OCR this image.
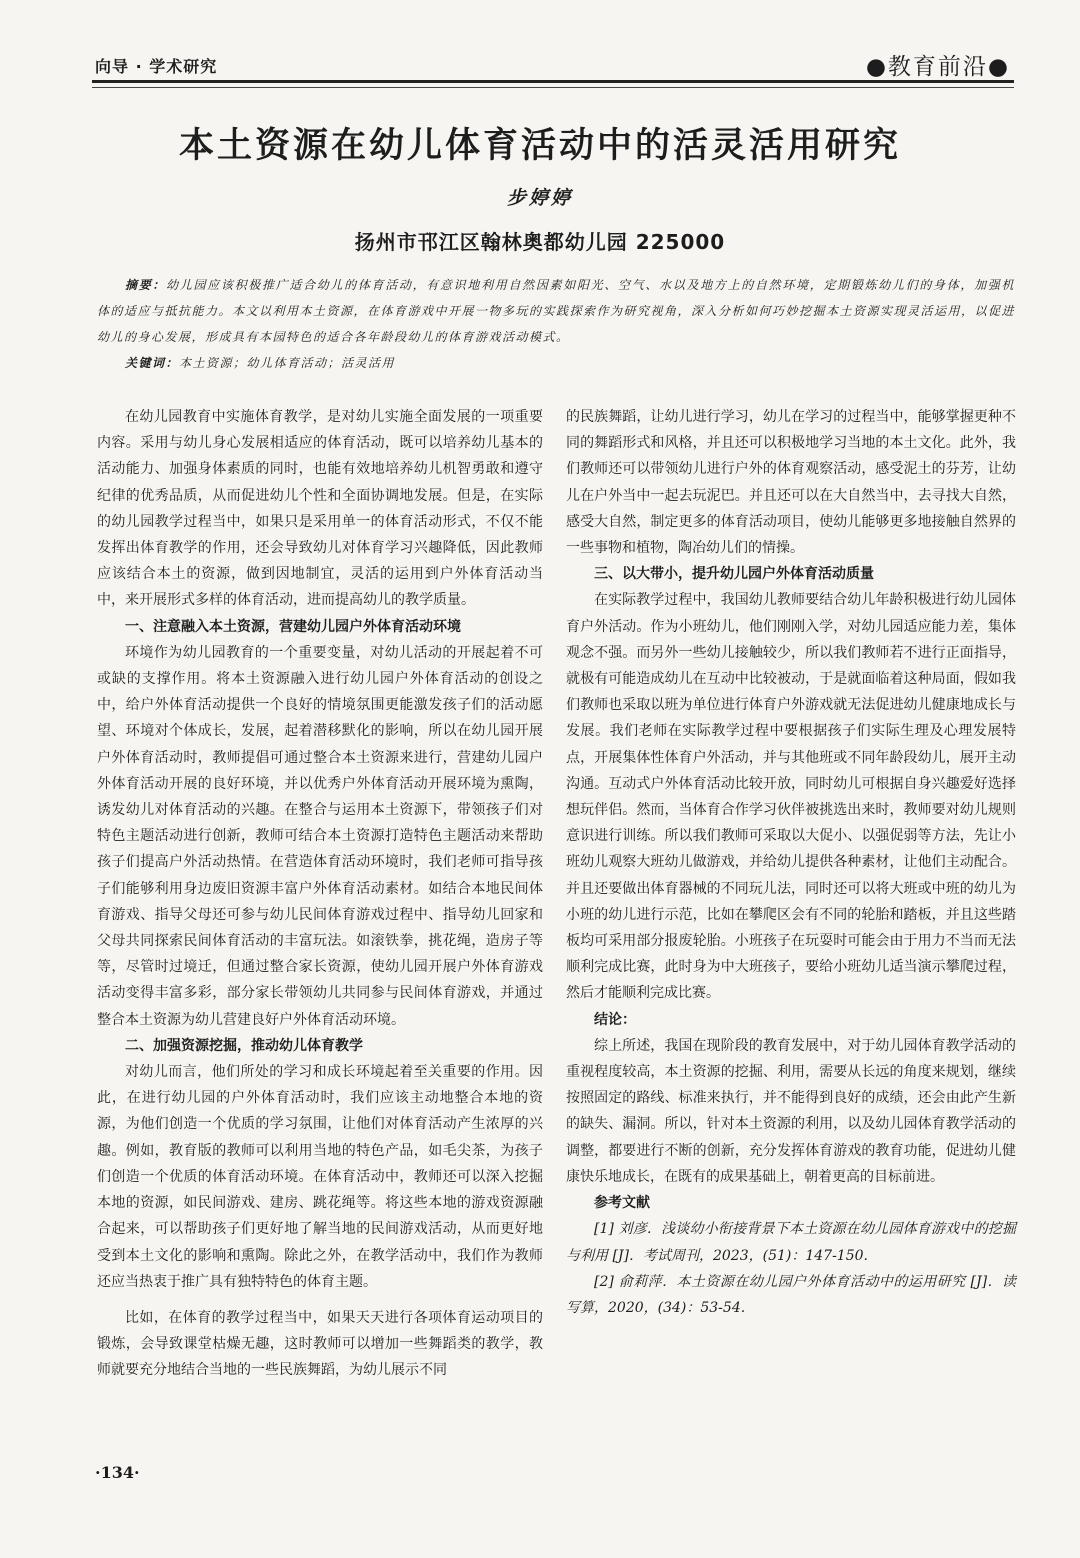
向导 · 学术研究	●教育前沿●
本土资源在幼儿体育活动中的活灵活用研究
步婷婷
扬州市邗江区翰林奥都幼儿园 225000
摘要：幼儿园应该积极推广适合幼儿的体育活动，有意识地利用自然因素如阳光、空气、水以及地方上的自然环境，定期锻炼幼儿们的身体，加强机体的适应与抵抗能力。本文以利用本土资源，在体育游戏中开展一物多玩的实践探索作为研究视角，深入分析如何巧妙挖掘本土资源实现灵活运用，以促进幼儿的身心发展，形成具有本园特色的适合各年龄段幼儿的体育游戏活动模式。
关键词：本土资源；幼儿体育活动；活灵活用

在幼儿园教育中实施体育教学，是对幼儿实施全面发展的一项重要内容。采用与幼儿身心发展相适应的体育活动，既可以培养幼儿基本的活动能力、加强身体素质的同时，也能有效地培养幼儿机智勇敢和遵守纪律的优秀品质，从而促进幼儿个性和全面协调地发展。但是，在实际的幼儿园教学过程当中，如果只是采用单一的体育活动形式，不仅不能发挥出体育教学的作用，还会导致幼儿对体育学习兴趣降低，因此教师应该结合本土的资源，做到因地制宜，灵活的运用到户外体育活动当中，来开展形式多样的体育活动，进而提高幼儿的教学质量。

一、注意融入本土资源，营建幼儿园户外体育活动环境

环境作为幼儿园教育的一个重要变量，对幼儿活动的开展起着不可或缺的支撑作用。将本土资源融入进行幼儿园户外体育活动的创设之中，给户外体育活动提供一个良好的情境氛围更能激发孩子们的活动愿望、环境对个体成长，发展，起着潜移默化的影响，所以在幼儿园开展户外体育活动时，教师提倡可通过整合本土资源来进行，营建幼儿园户外体育活动开展的良好环境，并以优秀户外体育活动开展环境为熏陶，诱发幼儿对体育活动的兴趣。在整合与运用本土资源下，带领孩子们对特色主题活动进行创新，教师可结合本土资源打造特色主题活动来帮助孩子们提高户外活动热情。在营造体育活动环境时，我们老师可指导孩子们能够利用身边废旧资源丰富户外体育活动素材。如结合本地民间体育游戏、指导父母还可参与幼儿民间体育游戏过程中、指导幼儿回家和父母共同探索民间体育活动的丰富玩法。如滚铁拳，挑花绳，造房子等等，尽管时过境迁，但通过整合家长资源，使幼儿园开展户外体育游戏活动变得丰富多彩，部分家长带领幼儿共同参与民间体育游戏，并通过整合本土资源为幼儿营建良好户外体育活动环境。

二、加强资源挖掘，推动幼儿体育教学

对幼儿而言，他们所处的学习和成长环境起着至关重要的作用。因此，在进行幼儿园的户外体育活动时，我们应该主动地整合本地的资源，为他们创造一个优质的学习氛围，让他们对体育活动产生浓厚的兴趣。例如，教育版的教师可以利用当地的特色产品，如毛尖茶，为孩子们创造一个优质的体育活动环境。在体育活动中，教师还可以深入挖掘本地的资源，如民间游戏、建房、跳花绳等。将这些本地的游戏资源融合起来，可以帮助孩子们更好地了解当地的民间游戏活动，从而更好地受到本土文化的影响和熏陶。除此之外，在教学活动中，我们作为教师还应当热衷于推广具有独特特色的体育主题。

比如，在体育的教学过程当中，如果天天进行各项体育运动项目的锻炼，会导致课堂枯燥无趣，这时教师可以增加一些舞蹈类的教学，教师就要充分地结合当地的一些民族舞蹈，为幼儿展示不同

的民族舞蹈，让幼儿进行学习，幼儿在学习的过程当中，能够掌握更种不同的舞蹈形式和风格，并且还可以积极地学习当地的本土文化。此外，我们教师还可以带领幼儿进行户外的体育观察活动，感受泥土的芬芳，让幼儿在户外当中一起去玩泥巴。并且还可以在大自然当中，去寻找大自然，感受大自然，制定更多的体育活动项目，使幼儿能够更多地接触自然界的一些事物和植物，陶冶幼儿们的情操。

三、以大带小，提升幼儿园户外体育活动质量

在实际教学过程中，我国幼儿教师要结合幼儿年龄积极进行幼儿园体育户外活动。作为小班幼儿，他们刚刚入学，对幼儿园适应能力差，集体观念不强。而另外一些幼儿接触较少，所以我们教师若不进行正面指导，就极有可能造成幼儿在互动中比较被动，于是就面临着这种局面，假如我们教师也采取以班为单位进行体育户外游戏就无法促进幼儿健康地成长与发展。我们老师在实际教学过程中要根据孩子们实际生理及心理发展特点，开展集体性体育户外活动，并与其他班或不同年龄段幼儿，展开主动沟通。互动式户外体育活动比较开放，同时幼儿可根据自身兴趣爱好选择想玩伴侣。然而，当体育合作学习伙伴被挑选出来时，教师要对幼儿规则意识进行训练。所以我们教师可采取以大促小、以强促弱等方法，先让小班幼儿观察大班幼儿做游戏，并给幼儿提供各种素材，让他们主动配合。并且还要做出体育器械的不同玩儿法，同时还可以将大班或中班的幼儿为小班的幼儿进行示范，比如在攀爬区会有不同的轮胎和踏板，并且这些踏板均可采用部分报废轮胎。小班孩子在玩耍时可能会由于用力不当而无法顺利完成比赛，此时身为中大班孩子，要给小班幼儿适当演示攀爬过程，然后才能顺利完成比赛。

结论：

综上所述，我国在现阶段的教育发展中，对于幼儿园体育教学活动的重视程度较高，本土资源的挖掘、利用，需要从长远的角度来规划，继续按照固定的路线、标准来执行，并不能得到良好的成绩，还会由此产生新的缺失、漏洞。所以，针对本土资源的利用，以及幼儿园体育教学活动的调整，都要进行不断的创新，充分发挥体育游戏的教育功能，促进幼儿健康快乐地成长，在既有的成果基础上，朝着更高的目标前进。

参考文献

[1] 刘彦．浅谈幼小衔接背景下本土资源在幼儿园体育游戏中的挖掘与利用 [J]．考试周刊，2023，(51)：147-150.

[2] 俞莉萍．本土资源在幼儿园户外体育活动中的运用研究 [J]．读写算，2020，(34)：53-54.

·134·
